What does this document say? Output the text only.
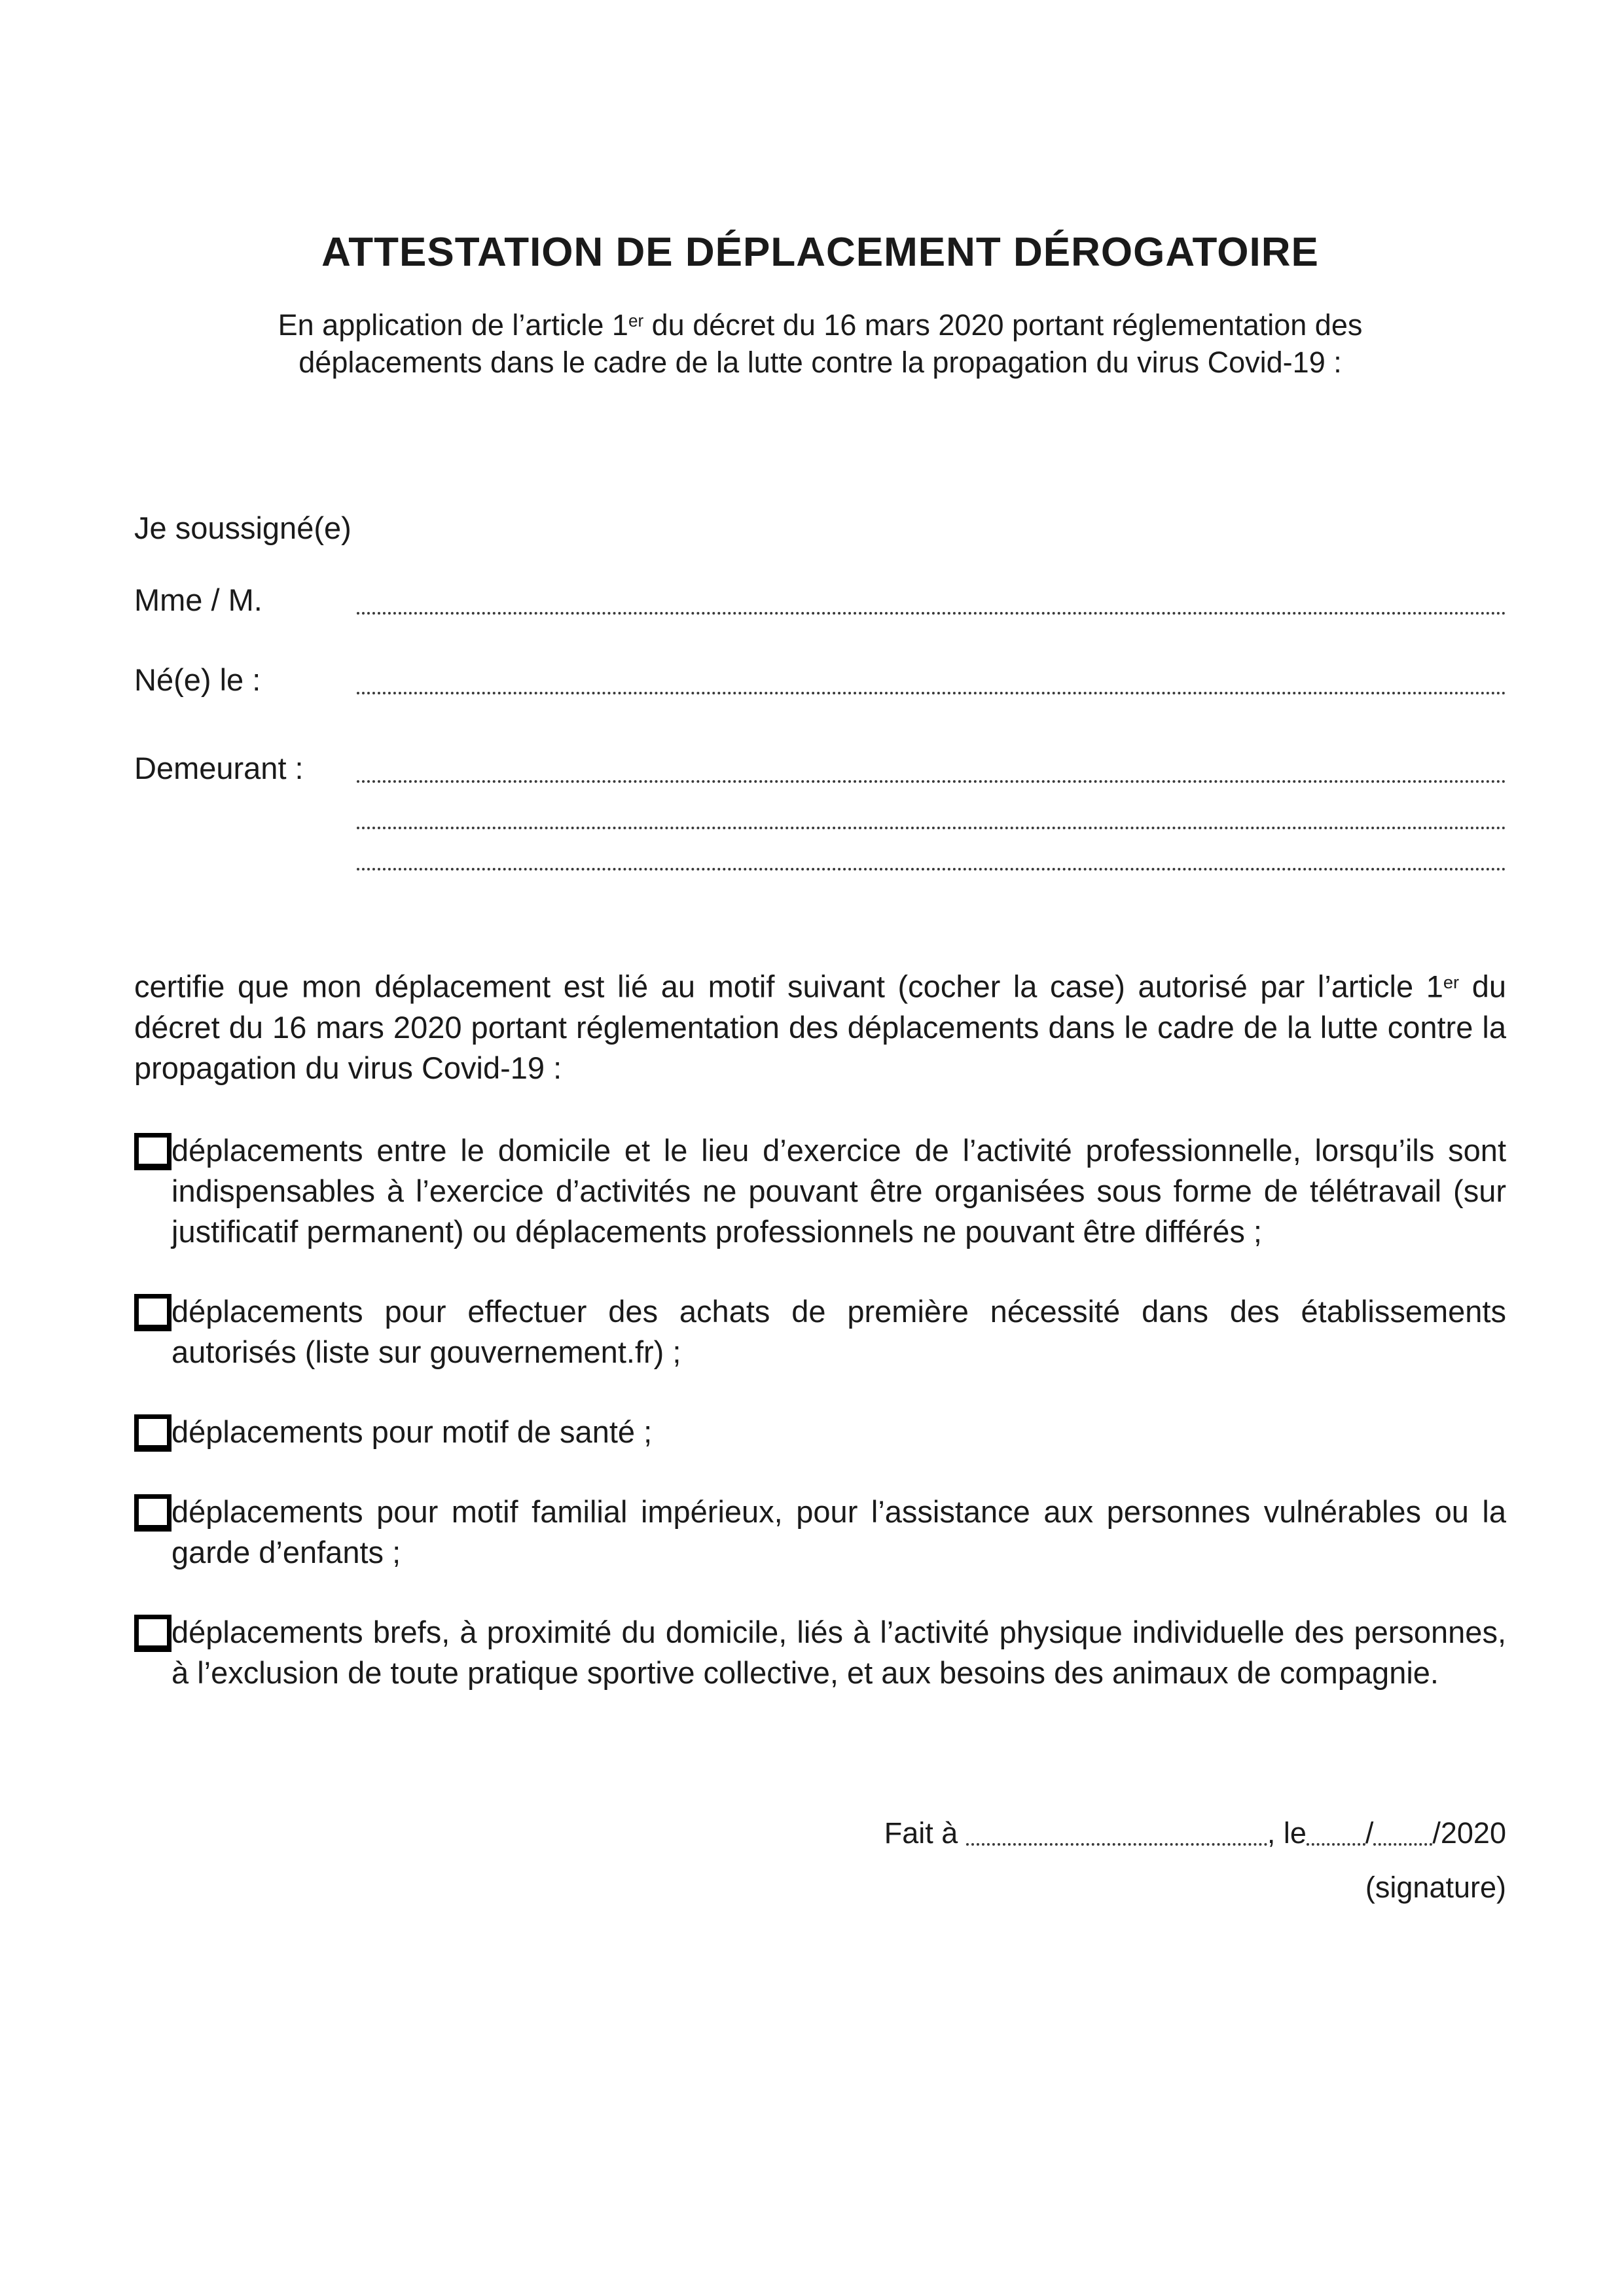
ATTESTATION DE DÉPLACEMENT DÉROGATOIRE

En application de l’article 1er du décret du 16 mars 2020 portant réglementation des déplacements dans le cadre de la lutte contre la propagation du virus Covid-19 :

Je soussigné(e)

Mme / M.
Né(e) le :
Demeurant :

certifie que mon déplacement est lié au motif suivant (cocher la case) autorisé par l’article 1er du décret du 16 mars 2020 portant réglementation des déplacements dans le cadre de la lutte contre la propagation du virus Covid-19 :

déplacements entre le domicile et le lieu d’exercice de l’activité professionnelle, lorsqu’ils sont indispensables à l’exercice d’activités ne pouvant être organisées sous forme de télétravail (sur justificatif permanent) ou déplacements professionnels ne pouvant être différés ;

déplacements pour effectuer des achats de première nécessité dans des établissements autorisés (liste sur gouvernement.fr) ;

déplacements pour motif de santé ;

déplacements pour motif familial impérieux, pour l’assistance aux personnes vulnérables ou la garde d’enfants ;

déplacements brefs, à proximité du domicile, liés à l’activité physique individuelle des personnes, à l’exclusion de toute pratique sportive collective, et aux besoins des animaux de compagnie.

Fait à	, le / /2020
(signature)
